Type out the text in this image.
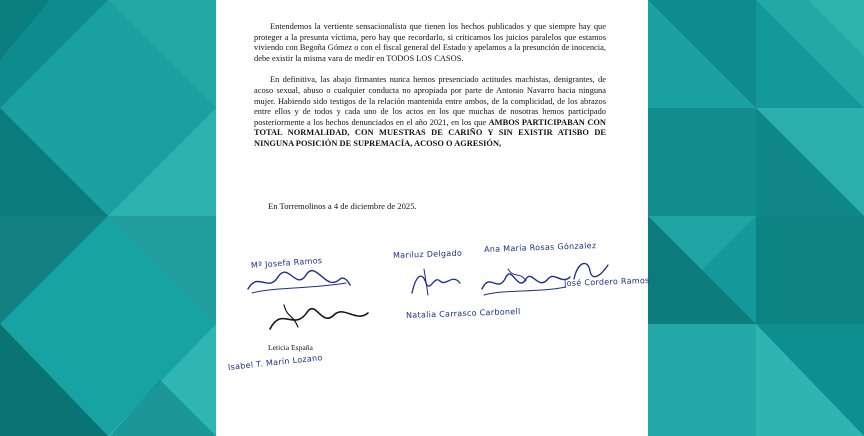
Entendemos la vertiente sensacionalista que tienen los hechos publicados y que siempre hay que proteger a la presunta víctima, pero hay que recordarlo, si criticamos los juicios paralelos que estamos viviendo con Begoña Gómez o con el fiscal general del Estado y apelamos a la presunción de inocencia, debe existir la misma vara de medir en TODOS LOS CASOS.

En definitiva, las abajo firmantes nunca hemos presenciado actitudes machistas, denigrantes, de acoso sexual, abuso o cualquier conducta no apropiada por parte de Antonio Navarro hacia ninguna mujer. Habiendo sido testigos de la relación mantenida entre ambos, de la complicidad, de los abrazos entre ellos y de todos y cada uno de los actos en los que muchas de nosotras hemos participado posteriormente a los hechos denunciados en el año 2021, en los que AMBOS PARTICIPABAN CON TOTAL NORMALIDAD, CON MUESTRAS DE CARIÑO Y SIN EXISTIR ATISBO DE NINGUNA POSICIÓN DE SUPREMACÍA, ACOSO O AGRESIÓN,

En Torremolinos a 4 de diciembre de 2025.

Mª Josefa Ramos
Mariluz Delgado
Ana María Rosas Gónzalez
José Cordero Ramos
Natalia Carrasco Carbonell
Leticia España
Isabel T. Marín Lozano
